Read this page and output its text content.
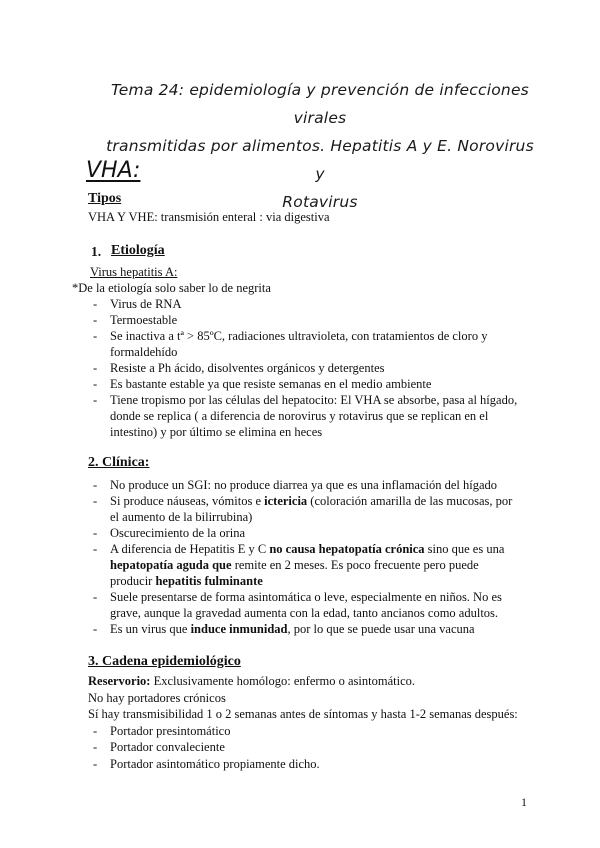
Tema 24: epidemiología y prevención de infecciones virales
transmitidas por alimentos. Hepatitis A y E. Norovirus y
Rotavirus
VHA:
Tipos
VHA Y VHE: transmisión enteral : via digestiva
1. Etiología
Virus hepatitis A:
*De la etiología solo saber lo de negrita
- Virus de RNA
- Termoestable
- Se inactiva a tª > 85ºC, radiaciones ultravioleta, con tratamientos de cloro y formaldehído
- Resiste a Ph ácido, disolventes orgánicos y detergentes
- Es bastante estable ya que resiste semanas en el medio ambiente
- Tiene tropismo por las células del hepatocito: El VHA se absorbe, pasa al hígado, donde se replica ( a diferencia de norovirus y rotavirus que se replican en el intestino) y por último se elimina en heces
2. Clínica:
- No produce un SGI: no produce diarrea ya que es una inflamación del hígado
- Si produce náuseas, vómitos e ictericia (coloración amarilla de las mucosas, por
el aumento de la bilirrubina)
- Oscurecimiento de la orina
- A diferencia de Hepatitis E y C no causa hepatopatía crónica sino que es una
hepatopatía aguda que remite en 2 meses. Es poco frecuente pero puede
producir hepatitis fulminante
- Suele presentarse de forma asintomática o leve, especialmente en niños. No es
grave, aunque la gravedad aumenta con la edad, tanto ancianos como adultos.
- Es un virus que induce inmunidad, por lo que se puede usar una vacuna
3. Cadena epidemiológico
Reservorio: Exclusivamente homólogo: enfermo o asintomático.
No hay portadores crónicos
Sí hay transmisibilidad 1 o 2 semanas antes de síntomas y hasta 1-2 semanas después:
- Portador presintomático
- Portador convaleciente
- Portador asintomático propiamente dicho.
1
